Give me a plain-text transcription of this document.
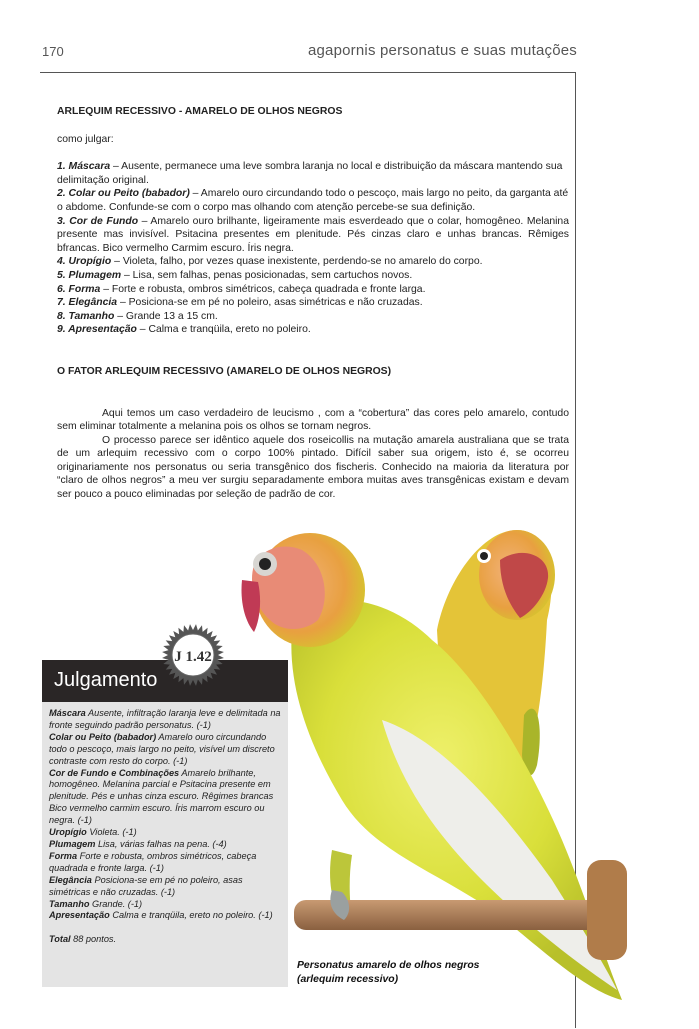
170	agapornis personatus e suas mutações
ARLEQUIM RECESSIVO - AMARELO DE OLHOS NEGROS

como julgar:

1. Máscara – Ausente, permanece uma leve sombra laranja no local e distribuição da máscara mantendo sua delimitação original.

2. Colar ou Peito (babador) – Amarelo ouro circundando todo o pescoço, mais largo no peito, da garganta até o abdome. Confunde-se com o corpo mas olhando com atenção percebe-se sua definição.

3. Cor de Fundo – Amarelo ouro brilhante, ligeiramente mais esverdeado que o colar, homogêneo. Melanina presente mas invisível. Psitacina presentes em plenitude. Pés cinzas claro e unhas brancas. Rêmiges bfrancas. Bico vermelho Carmim escuro. Íris negra.

4. Uropígio – Violeta, falho, por vezes quase inexistente, perdendo-se no amarelo do corpo.

5. Plumagem – Lisa, sem falhas, penas posicionadas, sem cartuchos novos.

6. Forma – Forte e robusta, ombros simétricos, cabeça quadrada e fronte larga.

7. Elegância – Posiciona-se em pé no poleiro, asas simétricas e não cruzadas.

8. Tamanho – Grande 13 a 15 cm.

9. Apresentação – Calma e tranqüila, ereto no poleiro.

O FATOR ARLEQUIM RECESSIVO (AMARELO DE OLHOS NEGROS)

Aqui temos um caso verdadeiro de leucismo , com a “cobertura” das cores pelo amarelo, contudo sem eliminar totalmente a melanina pois os olhos se tornam negros.

O processo parece ser idêntico aquele dos roseicollis na mutação amarela australiana que se trata de um arlequim recessivo com o corpo 100% pintado. Difícil saber sua origem, isto é, se ocorreu originariamente nos personatus ou seria transgênico dos fischeris. Conhecido na maioria da literatura por “claro de olhos negros” a meu ver surgiu separadamente embora muitas aves transgênicas existam e devam ser pouco a pouco eliminadas por seleção de padrão de cor.

Personatus amarelo de olhos negros
(arlequim recessivo)
Julgamento

Máscara Ausente, infiltração laranja leve e delimitada na fronte seguindo padrão personatus. (-1)

Colar ou Peito (babador) Amarelo ouro circundando todo o pescoço, mais largo no peito, visível um discreto contraste com resto do corpo. (-1)

Cor de Fundo e Combinações Amarelo brilhante, homogêneo. Melanina parcial e Psitacina presente em plenitude. Pés e unhas cinza escuro. Rêgimes brancas Bico vermelho carmim escuro. Íris marrom escuro ou negra. (-1)

Uropígio Violeta. (-1)

Plumagem Lisa, várias falhas na pena. (-4)

Forma Forte e robusta, ombros simétricos, cabeça quadrada e fronte larga. (-1)

Elegância Posiciona-se em pé no poleiro, asas simétricas e não cruzadas. (-1)

Tamanho Grande. (-1)

Apresentação Calma e tranqüila, ereto no poleiro. (-1)

Total 88 pontos.

J 1.42
